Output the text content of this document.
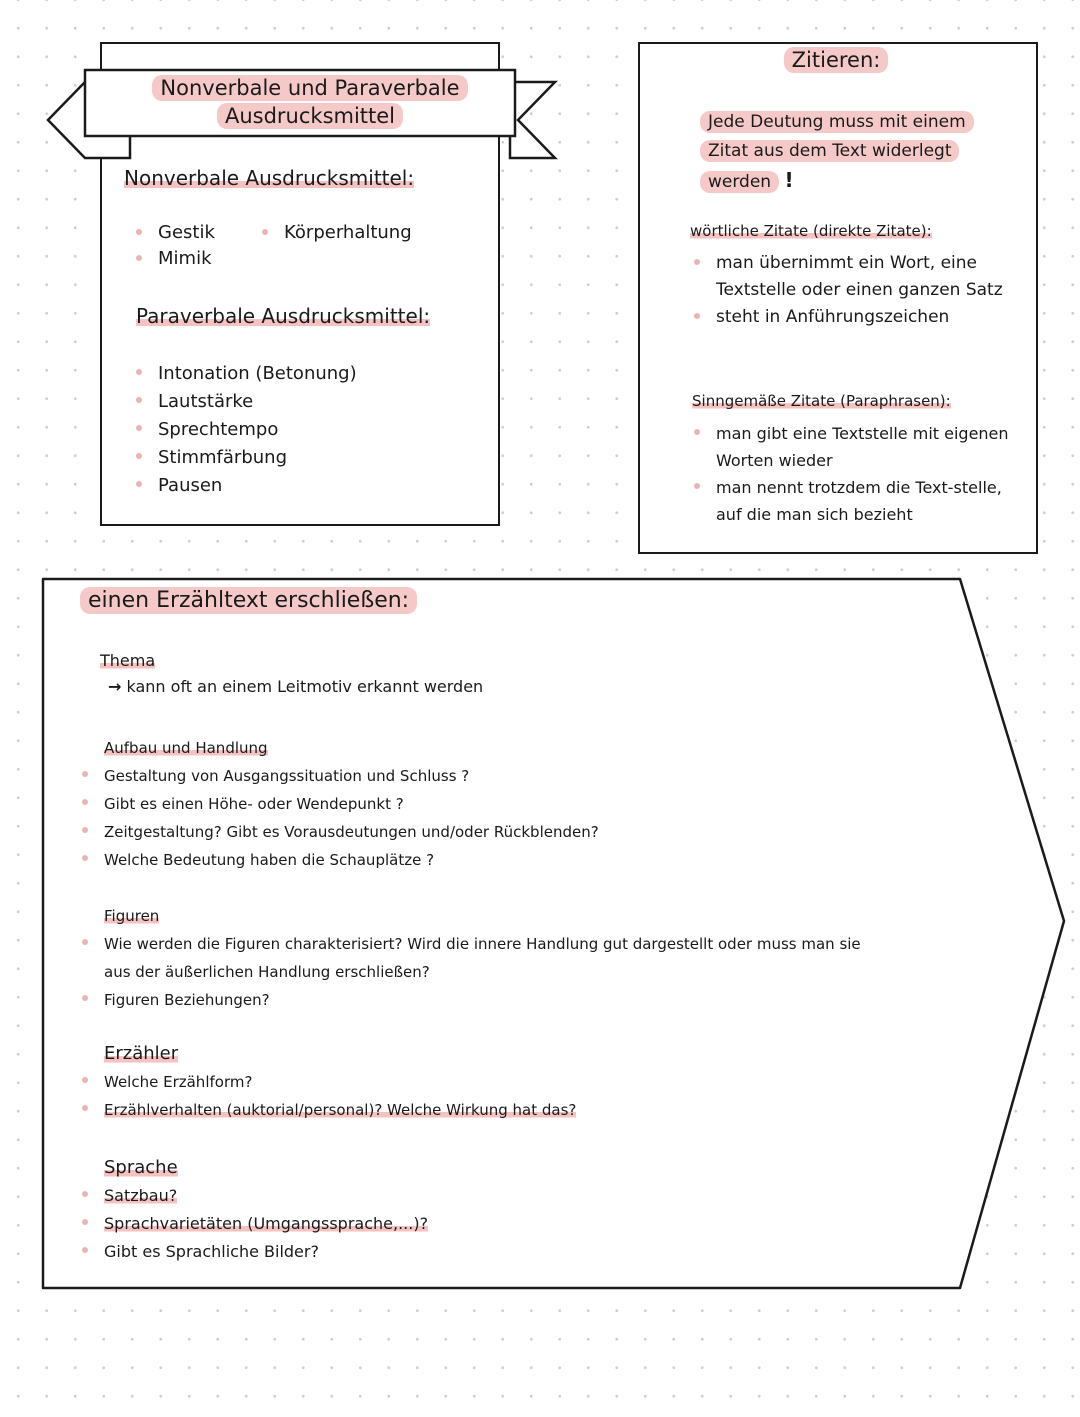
Nonverbale und Paraverbale
Ausdrucksmittel
Nonverbale Ausdrucksmittel:
Gestik
Mimik
Körperhaltung
Paraverbale Ausdrucksmittel:
Intonation (Betonung)
Lautstärke
Sprechtempo
Stimmfärbung
Pausen
Zitieren:
Jede Deutung muss mit einem
Zitat aus dem Text widerlegt
werden !
wörtliche Zitate (direkte Zitate):
man übernimmt ein Wort, eine Textstelle oder einen ganzen Satz
steht in Anführungszeichen
Sinngemäße Zitate (Paraphrasen):
man gibt eine Textstelle mit eigenen Worten wieder
man nennt trotzdem die Text-stelle, auf die man sich bezieht
einen Erzähltext erschließen:
Thema
→ kann oft an einem Leitmotiv erkannt werden
Aufbau und Handlung
Gestaltung von Ausgangssituation und Schluss ?
Gibt es einen Höhe- oder Wendepunkt ?
Zeitgestaltung? Gibt es Vorausdeutungen und/oder Rückblenden?
Welche Bedeutung haben die Schauplätze ?
Figuren
Wie werden die Figuren charakterisiert? Wird die innere Handlung gut dargestellt oder muss man sie aus der äußerlichen Handlung erschließen?
Figuren Beziehungen?
Erzähler
Welche Erzählform?
Erzählverhalten (auktorial/personal)? Welche Wirkung hat das?
Sprache
Satzbau?
Sprachvarietäten (Umgangssprache,...)?
Gibt es Sprachliche Bilder?
